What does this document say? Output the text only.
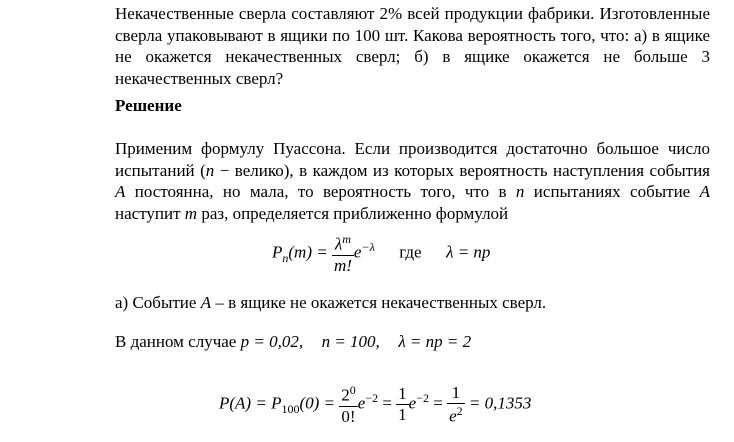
Некачественные сверла составляют 2% всей продукции фабрики. Изготовленные сверла упаковывают в ящики по 100 шт. Какова вероятность того, что: а) в ящике не окажется некачественных сверл; б) в ящике окажется не больше 3 некачественных сверл?
Решение
Применим формулу Пуассона. Если производится достаточно большое число испытаний (n − велико), в каждом из которых вероятность наступления события A постоянна, но мала, то вероятность того, что в n испытаниях событие A наступит m раз, определяется приближенно формулой
$P_n(m) = \frac{\lambda^m}{m!} e^{-\lambda}$ где λ = np
а) Событие A – в ящике не окажется некачественных сверл.
В данном случае p = 0,02, n = 100, λ = np = 2
$P(A) = P_{100}(0) = \frac{2^0}{0!} e^{-2} = \frac{1}{1} e^{-2} = \frac{1}{e^2} = 0,1353$
